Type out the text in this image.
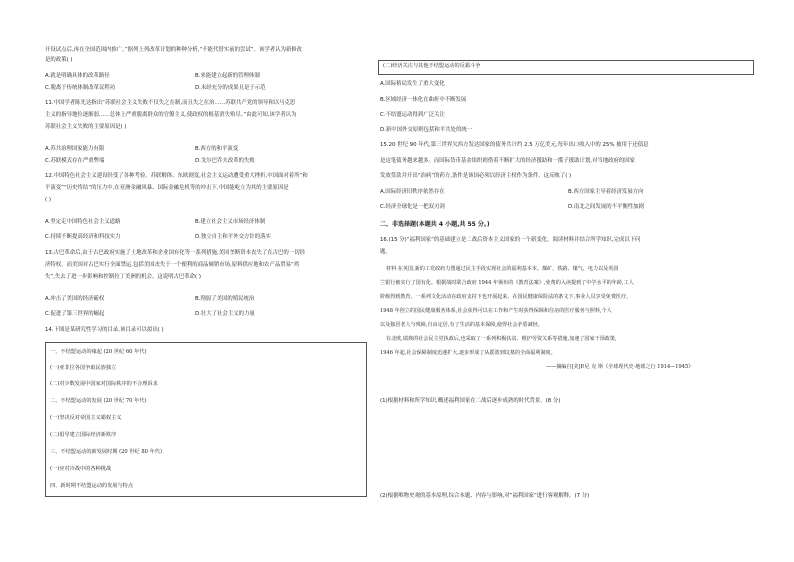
开设试点后,再在全国范围内推广。”据列上列改革计划的种种分析,“不能代替实前的尝试”。该学者认为新修改
是的政策( )
A.就是明确具体的改革路径	B.来能建立起新的管理体制
C.脱离于传统体制改革议程功	D.未经充分的成果且是于示范
11.中国学者陈先达指出“苏联社会主义失败不仅失之在制,而且失之在治……苏联共产党的领导和以马克思
主义的指导地位逐渐弱……总体上严重脱离群众的官僚主义,使政权的根基消失殆尽。”由此可知,该学者认为
苏联社会主义失败的主要原因是( )
A.苏共治理国家能力有限	B.西方的和平演变
C.苏联模式存在严重弊端	D.戈尔巴乔夫改革的失败
12.中国特色社会主义建设经受了各种考验。苏联解体、东欧剧变,社会主义运动遭受重大挫折,中国面对着所“和
平演变”“历史终结”的压力中,在亚洲金融风暴、国际金融危机等的冲击下,中国能屹立为其的主要原因是
( )
A.坚定走中国特色社会主义道路	B.建立社会主义市场经济体制
C.持续不断提高经济和科技实力	D.独立自主和平外交方针的落实
13.古巴革命后,由于古巴政府实施了土地改革和企业国有化等一系列措施,美国垄断资本丧失了在古巴的一切经
济特权。而美国对古巴实行全面禁运,包括美国丧失于一个便利的商品倾销市场,原料供应地和农产品贸易“鸡
失”,失去了进一步影响和控制拉丁美洲的机会。这说明古巴革命( )
A.冲击了美国的经济霸权	B.削弱了美国的殖民统治
C.促进了第三世界的崛起	D.壮大了社会主义的力量
14.下图是某研究性学习的目录,该目录可以拟出( )
一、不结盟运动的缘起 (20 世纪 60 年代)
(一)亚非拉各国争取民族独立
(二)对少数发展中国家对国际秩序的不合理诉求
二、不结盟运动的发展 (20 世纪 70 年代)
(一)坚决反对帝国主义霸权主义
(二)倡导建立国际经济新秩序
三、不结盟运动的新发展时期 (20 世纪 80 年代)
(一)应对冷战中的各种挑战
四、新时期不结盟运动的发展与特点
(二)经济关注与其他不结盟运动的反霸斗争
A.国际格局发生了重大变化
B.区域经济一体化在曲折中不断发展
C.不结盟运动得到广泛关注
D.新中国外交原则包括和平共处的统一
15.20 世纪 90 年代,第三世界欠西方发达国家的债务共计约 2.5 万亿美元,每年出口收入中的 25% 被用于还债息
是这笔债务越来越多。而国际货币基金组织则借着不断扩大的经济援助和一揽子援助计划,对当地政府的国家
发放贷款并开出“治病”的药方,条件是该国必须以经济主权作为条件。这反映了( )
A.国际经济旧秩序依然存在	B.西方国家主导着经济发展方向
C.经济全球化是一把双刃剑	D.南北之间发展的不平衡性加剧
二、非选择题(本题共 4 小题,共 55 分。)
16.(15 分)“福利国家”的基础建立是二战后资本主义国家的一个新变化。阅读材料并结合所学知识,完成以下问
题。
材料 在英国,新的工党政府力图通过民主手段实现社会的福利基本本。煤矿、铁路、煤气、电力以及英国
兰银行被实行了国有化。根据战时联合政府 1944 年颁布的《教育法案》,免费的入读提到了中学水平的年龄,工人
阶级得到教育。一系列文化活动在政府支持下也开展起来。在国民健康保险法的条文下,事业人员享受免费医疗。
1948 年创立的国民健康服务体系,社会获得可以在工作和产生时获得保障和住房的医疗服务与照料,个人
以及独居老人与残障,自由定居,有了生活的基本保障,使得社会矛盾减轻。
在北欧,瑞典的社会民主党执政后,也采取了一系列积极扶贫、维护劳资关系等措施,加速了国家干预政策,
1946 年起,社会保障制度迅速扩大,逐步形成了从摇篮到坟墓的全面福利制度。
——摘编自[美]P.尼 克 斯《全球现代史·地球之行 1914—1945》
(1)根据材料和所学知识,概述福利国家在二战后逐步成熟的时代背景。(8 分)
(2)根据唯物史观的基本原理,综合本题、内容与影响,对“福利国家”进行客观解释。(7 分)
